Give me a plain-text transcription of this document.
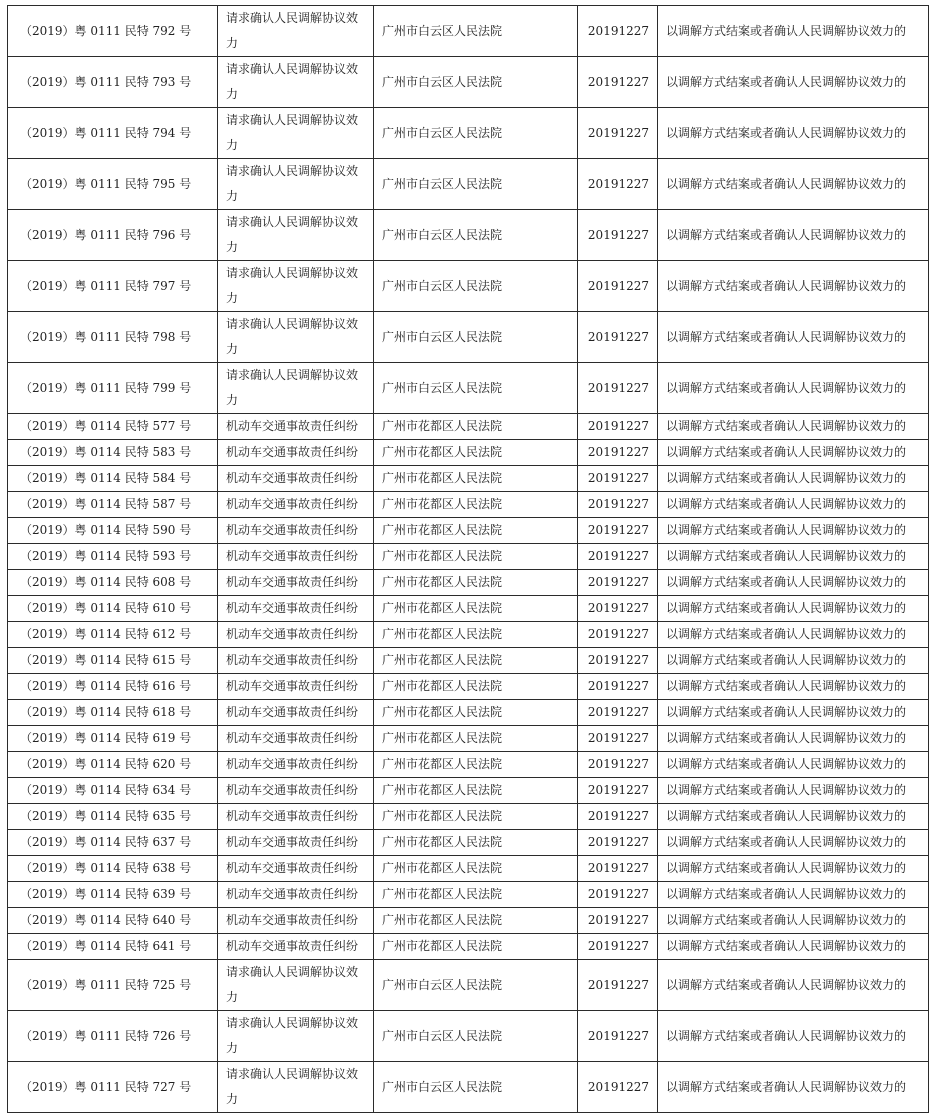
（2019）粤 0111 民特 792 号	请求确认人民调解协议效力	广州市白云区人民法院	20191227	以调解方式结案或者确认人民调解协议效力的
（2019）粤 0111 民特 793 号	请求确认人民调解协议效力	广州市白云区人民法院	20191227	以调解方式结案或者确认人民调解协议效力的
（2019）粤 0111 民特 794 号	请求确认人民调解协议效力	广州市白云区人民法院	20191227	以调解方式结案或者确认人民调解协议效力的
（2019）粤 0111 民特 795 号	请求确认人民调解协议效力	广州市白云区人民法院	20191227	以调解方式结案或者确认人民调解协议效力的
（2019）粤 0111 民特 796 号	请求确认人民调解协议效力	广州市白云区人民法院	20191227	以调解方式结案或者确认人民调解协议效力的
（2019）粤 0111 民特 797 号	请求确认人民调解协议效力	广州市白云区人民法院	20191227	以调解方式结案或者确认人民调解协议效力的
（2019）粤 0111 民特 798 号	请求确认人民调解协议效力	广州市白云区人民法院	20191227	以调解方式结案或者确认人民调解协议效力的
（2019）粤 0111 民特 799 号	请求确认人民调解协议效力	广州市白云区人民法院	20191227	以调解方式结案或者确认人民调解协议效力的
（2019）粤 0114 民特 577 号	机动车交通事故责任纠纷	广州市花都区人民法院	20191227	以调解方式结案或者确认人民调解协议效力的
（2019）粤 0114 民特 583 号	机动车交通事故责任纠纷	广州市花都区人民法院	20191227	以调解方式结案或者确认人民调解协议效力的
（2019）粤 0114 民特 584 号	机动车交通事故责任纠纷	广州市花都区人民法院	20191227	以调解方式结案或者确认人民调解协议效力的
（2019）粤 0114 民特 587 号	机动车交通事故责任纠纷	广州市花都区人民法院	20191227	以调解方式结案或者确认人民调解协议效力的
（2019）粤 0114 民特 590 号	机动车交通事故责任纠纷	广州市花都区人民法院	20191227	以调解方式结案或者确认人民调解协议效力的
（2019）粤 0114 民特 593 号	机动车交通事故责任纠纷	广州市花都区人民法院	20191227	以调解方式结案或者确认人民调解协议效力的
（2019）粤 0114 民特 608 号	机动车交通事故责任纠纷	广州市花都区人民法院	20191227	以调解方式结案或者确认人民调解协议效力的
（2019）粤 0114 民特 610 号	机动车交通事故责任纠纷	广州市花都区人民法院	20191227	以调解方式结案或者确认人民调解协议效力的
（2019）粤 0114 民特 612 号	机动车交通事故责任纠纷	广州市花都区人民法院	20191227	以调解方式结案或者确认人民调解协议效力的
（2019）粤 0114 民特 615 号	机动车交通事故责任纠纷	广州市花都区人民法院	20191227	以调解方式结案或者确认人民调解协议效力的
（2019）粤 0114 民特 616 号	机动车交通事故责任纠纷	广州市花都区人民法院	20191227	以调解方式结案或者确认人民调解协议效力的
（2019）粤 0114 民特 618 号	机动车交通事故责任纠纷	广州市花都区人民法院	20191227	以调解方式结案或者确认人民调解协议效力的
（2019）粤 0114 民特 619 号	机动车交通事故责任纠纷	广州市花都区人民法院	20191227	以调解方式结案或者确认人民调解协议效力的
（2019）粤 0114 民特 620 号	机动车交通事故责任纠纷	广州市花都区人民法院	20191227	以调解方式结案或者确认人民调解协议效力的
（2019）粤 0114 民特 634 号	机动车交通事故责任纠纷	广州市花都区人民法院	20191227	以调解方式结案或者确认人民调解协议效力的
（2019）粤 0114 民特 635 号	机动车交通事故责任纠纷	广州市花都区人民法院	20191227	以调解方式结案或者确认人民调解协议效力的
（2019）粤 0114 民特 637 号	机动车交通事故责任纠纷	广州市花都区人民法院	20191227	以调解方式结案或者确认人民调解协议效力的
（2019）粤 0114 民特 638 号	机动车交通事故责任纠纷	广州市花都区人民法院	20191227	以调解方式结案或者确认人民调解协议效力的
（2019）粤 0114 民特 639 号	机动车交通事故责任纠纷	广州市花都区人民法院	20191227	以调解方式结案或者确认人民调解协议效力的
（2019）粤 0114 民特 640 号	机动车交通事故责任纠纷	广州市花都区人民法院	20191227	以调解方式结案或者确认人民调解协议效力的
（2019）粤 0114 民特 641 号	机动车交通事故责任纠纷	广州市花都区人民法院	20191227	以调解方式结案或者确认人民调解协议效力的
（2019）粤 0111 民特 725 号	请求确认人民调解协议效力	广州市白云区人民法院	20191227	以调解方式结案或者确认人民调解协议效力的
（2019）粤 0111 民特 726 号	请求确认人民调解协议效力	广州市白云区人民法院	20191227	以调解方式结案或者确认人民调解协议效力的
（2019）粤 0111 民特 727 号	请求确认人民调解协议效力	广州市白云区人民法院	20191227	以调解方式结案或者确认人民调解协议效力的
